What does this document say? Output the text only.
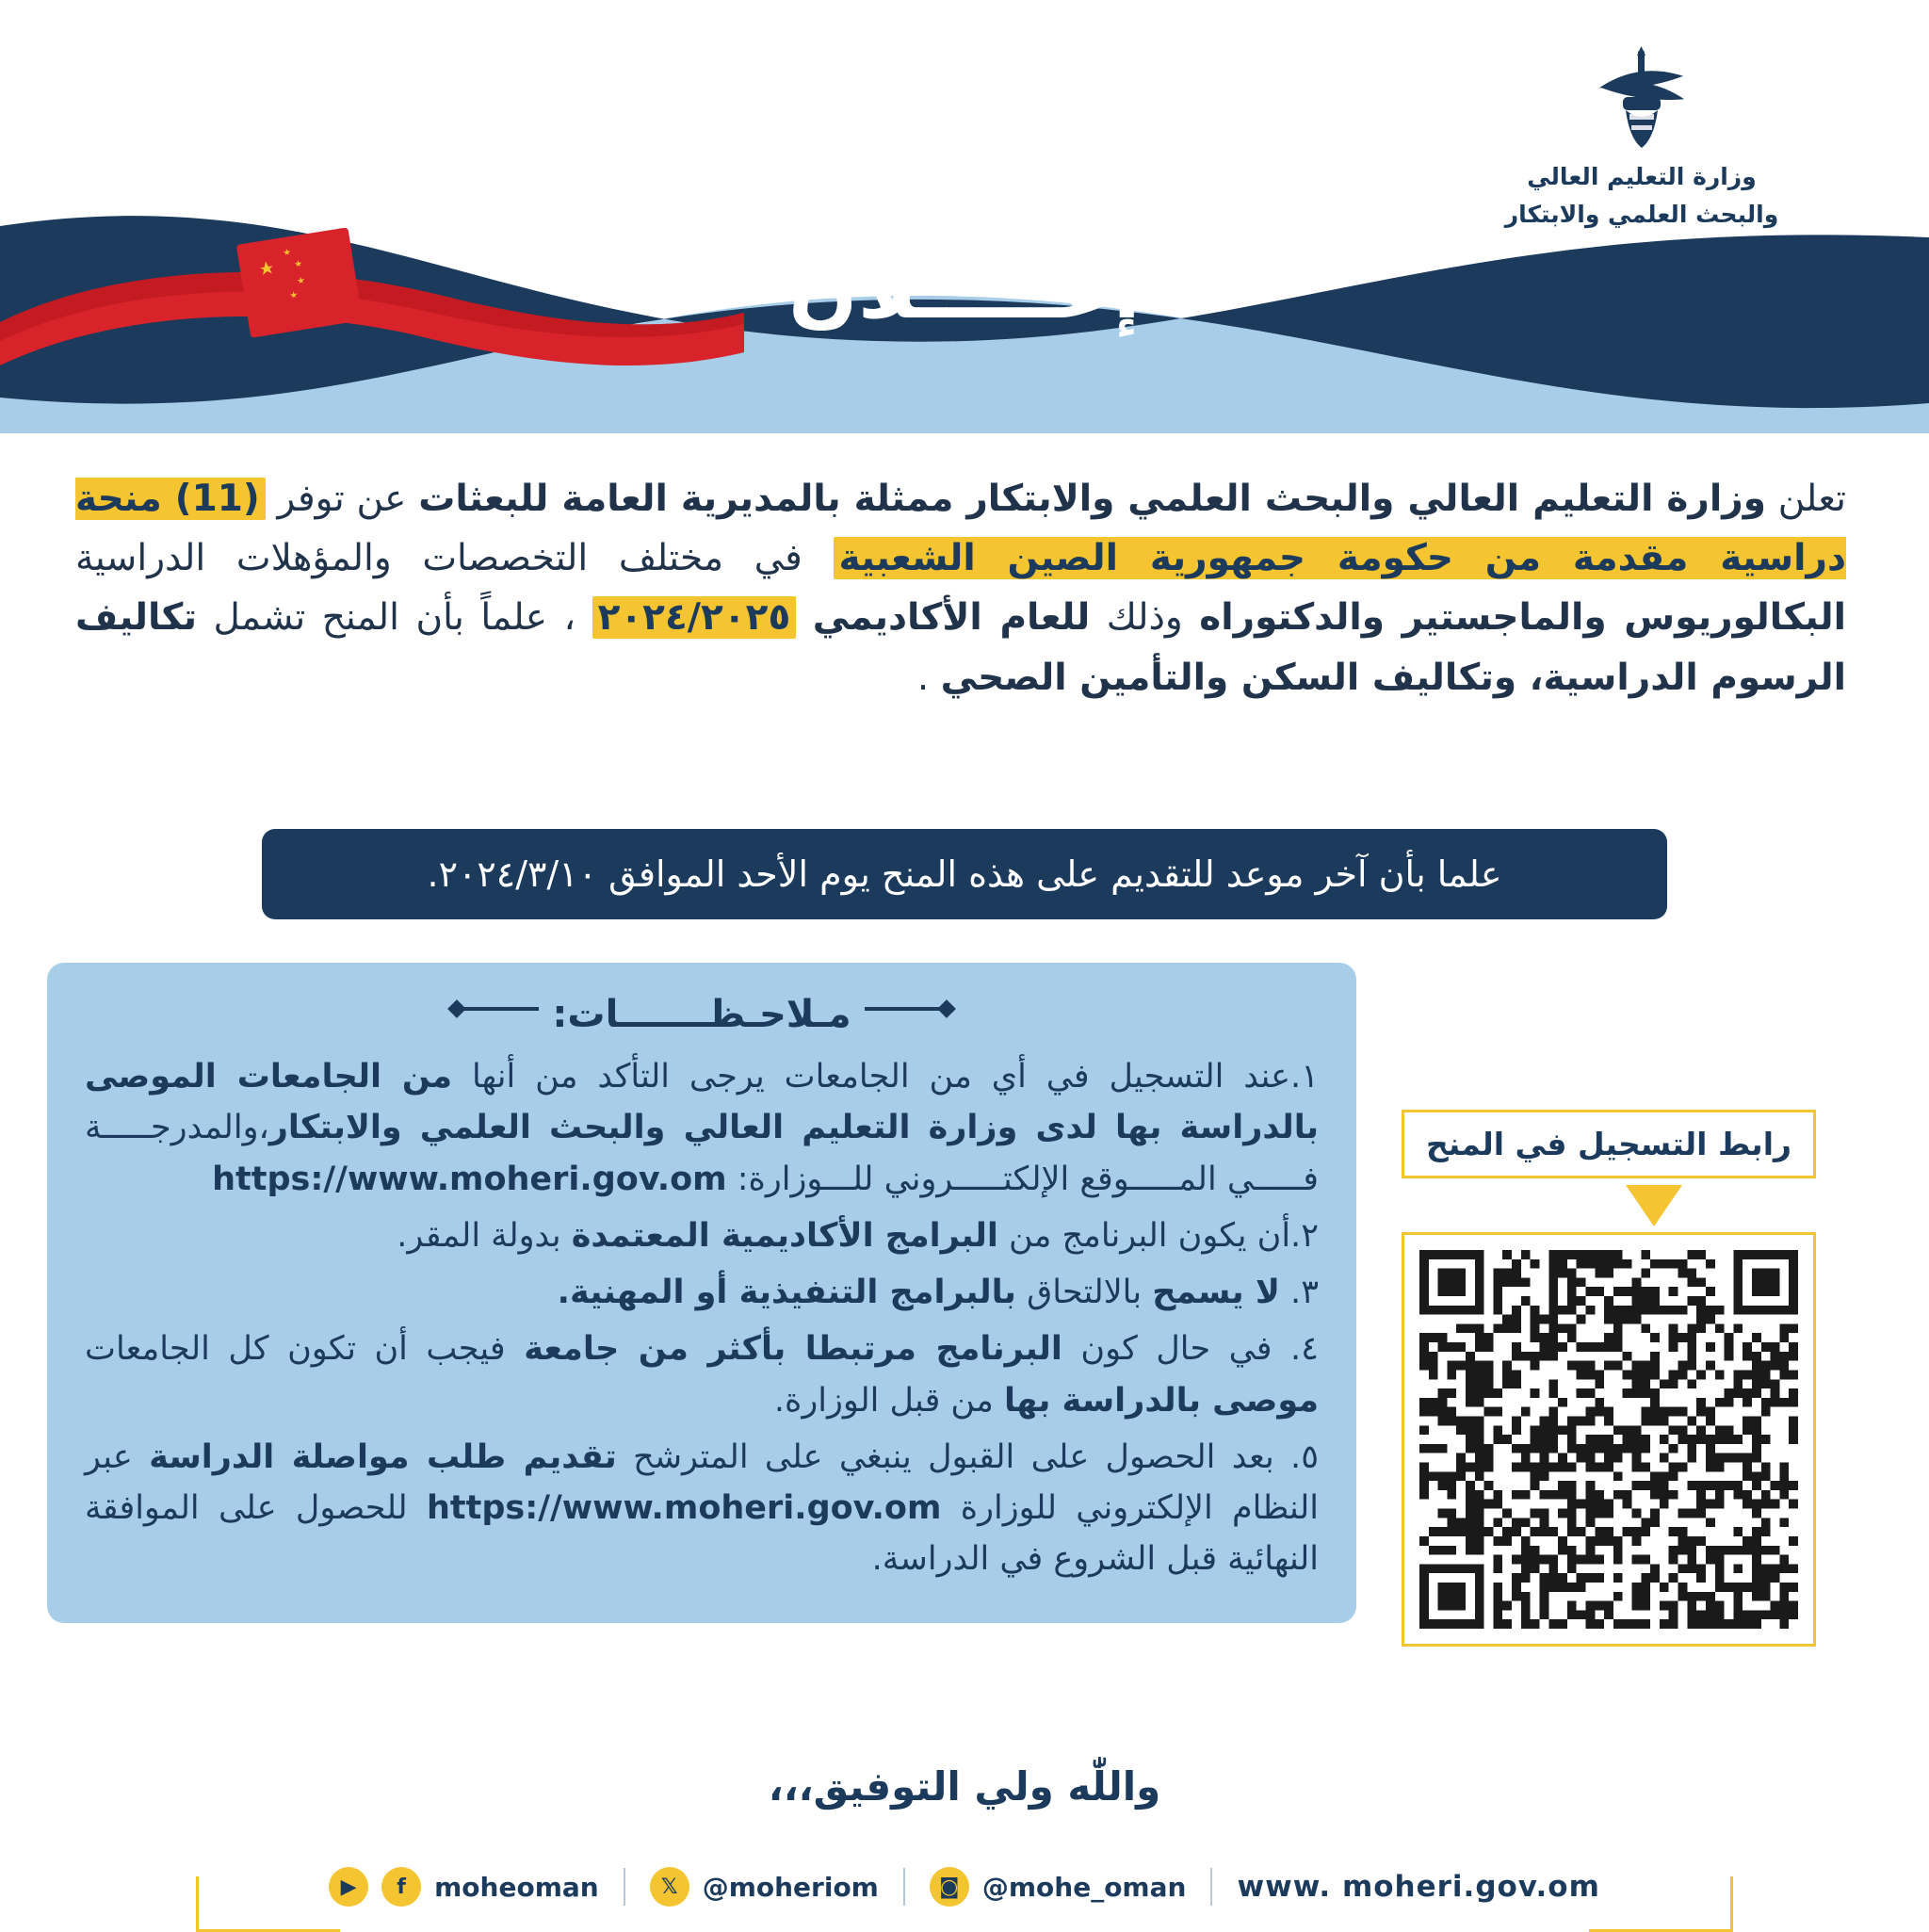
وزارة التعليم العالي
والبحث العلمي والابتكار
إعـــــلان
تعلن وزارة التعليم العالي والبحث العلمي والابتكار ممثلة بالمديرية العامة للبعثات عن توفر (11) منحة دراسية مقدمة من حكومة جمهورية الصين الشعبية في مختلف التخصصات والمؤهلات الدراسية البكالوريوس والماجستير والدكتوراه وذلك للعام الأكاديمي ٢٠٢٤/٢٠٢٥ ، علماً بأن المنح تشمل تكاليف الرسوم الدراسية، وتكاليف السكن والتأمين الصحي .
علما بأن آخر موعد للتقديم على هذه المنح يوم الأحد الموافق ٢٠٢٤/٣/١٠.
مـلاحـظـــــــات:
١.عند التسجيل في أي من الجامعات يرجى التأكد من أنها من الجامعات الموصى بالدراسة بها لدى وزارة التعليم العالي والبحث العلمي والابتكار،والمدرجـــــة فـــــي المـــــوقع الإلكتـــــروني للـــوزارة: https://www.moheri.gov.om
٢.أن يكون البرنامج من البرامج الأكاديمية المعتمدة بدولة المقر.
٣. لا يسمح بالالتحاق بالبرامج التنفيذية أو المهنية.
٤. في حال كون البرنامج مرتبطا بأكثر من جامعة فيجب أن تكون كل الجامعات موصى بالدراسة بها من قبل الوزارة.
٥. بعد الحصول على القبول ينبغي على المترشح تقديم طلب مواصلة الدراسة عبر النظام الإلكتروني للوزارة https://www.moheri.gov.om للحصول على الموافقة النهائية قبل الشروع في الدراسة.
رابط التسجيل في المنح
واللّٰه ولي التوفيق،،،
▶	f	moheoman	𝕏 @moheriom	◙ @mohe_oman www. moheri.gov.om
